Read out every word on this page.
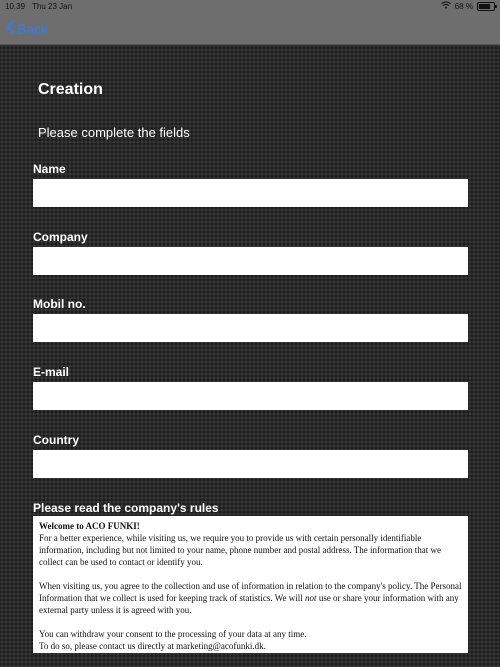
10.39 Thu 23 Jan	68 %
Back
Creation
Please complete the fields
Name
Company
Mobil no.
E-mail
Country
Please read the company's rules

Welcome to ACO FUNKI!
For a better experience, while visiting us, we require you to provide us with certain personally identifiable information, including but not limited to your name, phone number and postal address. The information that we collect can be used to contact or identify you.

When visiting us, you agree to the collection and use of information in relation to the company's policy. The Personal Information that we collect is used for keeping track of statistics. We will not use or share your information with any external party unless it is agreed with you.

You can withdraw your consent to the processing of your data at any time.
To do so, please contact us directly at marketing@acofunki.dk.
